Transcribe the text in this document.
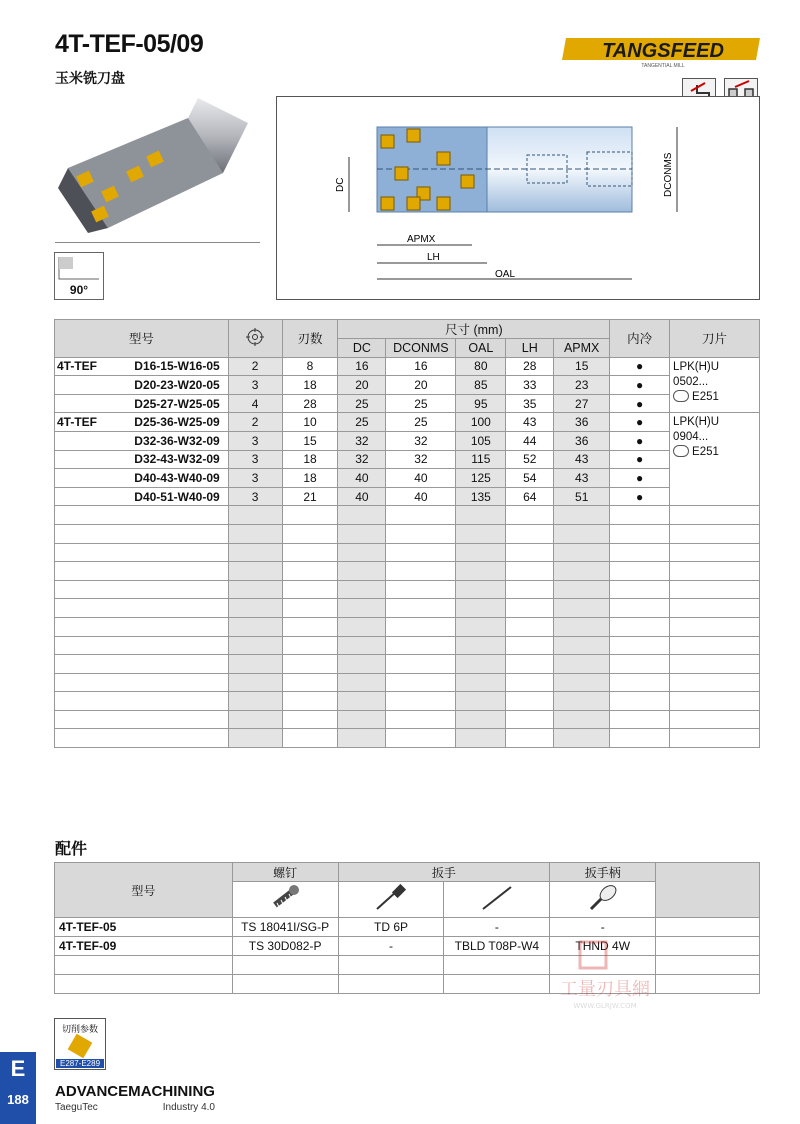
4T-TEF-05/09
玉米铣刀盘
TANGSFEED
TANGENTIAL MILL
90°
DC	DCONMS
APMX
LH
OAL
型号			刃数	尺寸 (mm)					内冷	刀片
				DC	DCONMS	OAL	LH	APMX		
4T-TEF	D16-15-W16-05	2	8	16	16	80	28	15	●	LPK(H)U
0502...
E251

	D20-23-W20-05	3	18	20	20	85	33	23	●	
	D25-27-W25-05	4	28	25	25	95	35	27	●	
4T-TEF	D25-36-W25-09	2	10	25	25	100	43	36	●	LPK(H)U
0904...
E251

	D32-36-W32-09	3	15	32	32	105	44	36	●	
	D32-43-W32-09	3	18	32	32	115	52	43	●	
	D40-43-W40-09	3	18	40	40	125	54	43	●	
	D40-51-W40-09	3	21	40	40	135	64	51	●	

配件
型号	螺钉	扳手		扳手柄	

4T-TEF-05	TS 18041I/SG-P	TD 6P	-	-	
4T-TEF-09	TS 30D082-P	-	TBLD T08P-W4	THND 4W	

工量刃具網
WWW.GLRJW.COM
切削参数
E287-E289
E
188	ADVANCEMACHINING
TaeguTec	Industry 4.0
